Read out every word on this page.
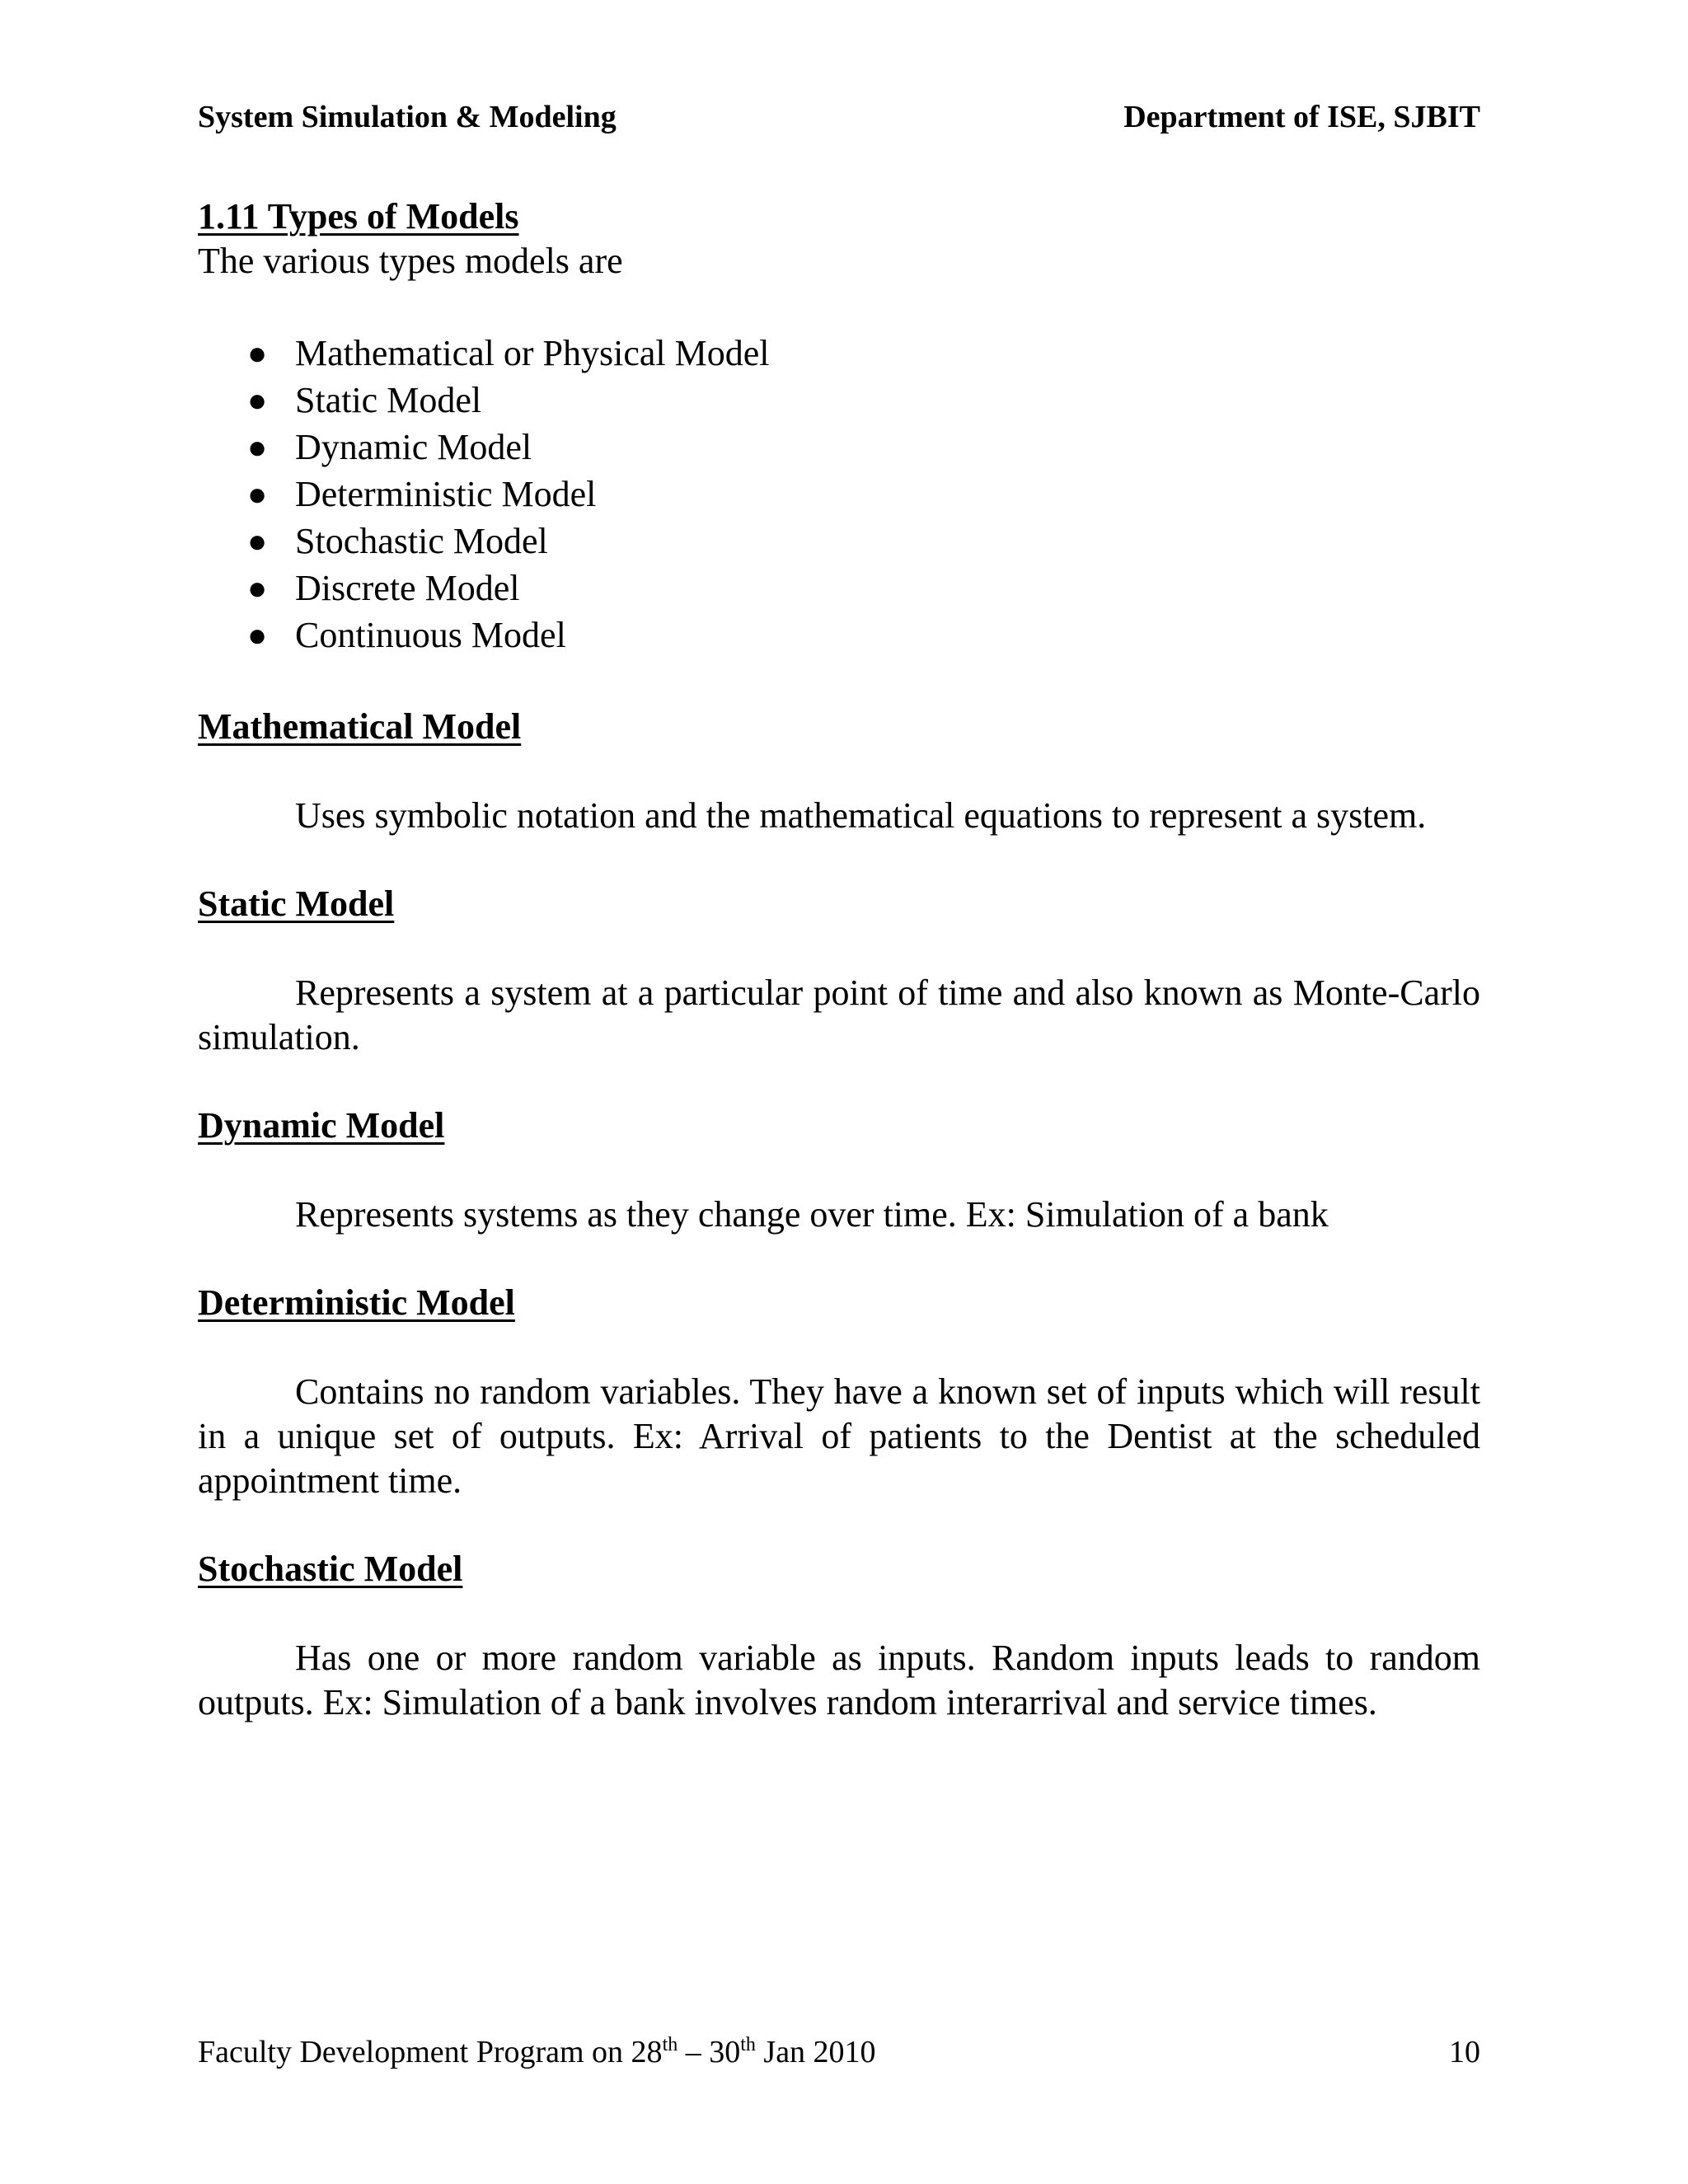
System Simulation & Modeling	Department of ISE, SJBIT
1.11 Types of Models

The various types models are

● Mathematical or Physical Model
● Static Model
● Dynamic Model
● Deterministic Model
● Stochastic Model
● Discrete Model
● Continuous Model
Mathematical Model

Uses symbolic notation and the mathematical equations to represent a system.

Static Model

Represents a system at a particular point of time and also known as Monte-Carlo simulation.

Dynamic Model

Represents systems as they change over time. Ex: Simulation of a bank

Deterministic Model

Contains no random variables. They have a known set of inputs which will result in a unique set of outputs. Ex: Arrival of patients to the Dentist at the scheduled appointment time.

Stochastic Model

Has one or more random variable as inputs. Random inputs leads to random outputs. Ex: Simulation of a bank involves random interarrival and service times.

Faculty Development Program on 28th – 30th Jan 2010	10
